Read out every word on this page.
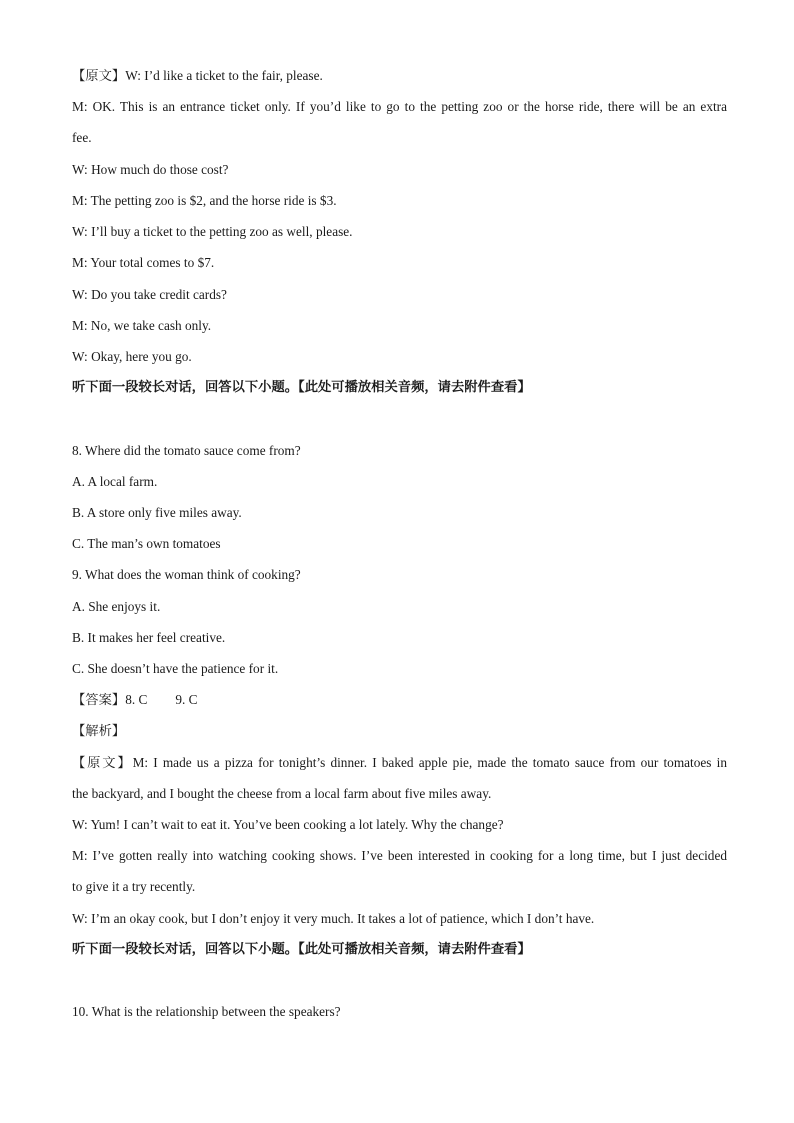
【原文】W: I’d like a ticket to the fair, please.
M: OK. This is an entrance ticket only. If you’d like to go to the petting zoo or the horse ride, there will be an extra
fee.
W: How much do those cost?
M: The petting zoo is $2, and the horse ride is $3.
W: I’ll buy a ticket to the petting zoo as well, please.
M: Your total comes to $7.
W: Do you take credit cards?
M: No, we take cash only.
W: Okay, here you go.
听下面一段较长对话，回答以下小题。【此处可播放相关音频，请去附件查看】
8. Where did the tomato sauce come from?
A. A local farm.
B. A store only five miles away.
C. The man’s own tomatoes
9. What does the woman think of cooking?
A. She enjoys it.
B. It makes her feel creative.
C. She doesn’t have the patience for it.
【答案】8. C 9. C
【解析】
【原文】M: I made us a pizza for tonight’s dinner. I baked apple pie, made the tomato sauce from our tomatoes in
the backyard, and I bought the cheese from a local farm about five miles away.
W: Yum! I can’t wait to eat it. You’ve been cooking a lot lately. Why the change?
M: I’ve gotten really into watching cooking shows. I’ve been interested in cooking for a long time, but I just decided
to give it a try recently.
W: I’m an okay cook, but I don’t enjoy it very much. It takes a lot of patience, which I don’t have.
听下面一段较长对话，回答以下小题。【此处可播放相关音频，请去附件查看】
10. What is the relationship between the speakers?
